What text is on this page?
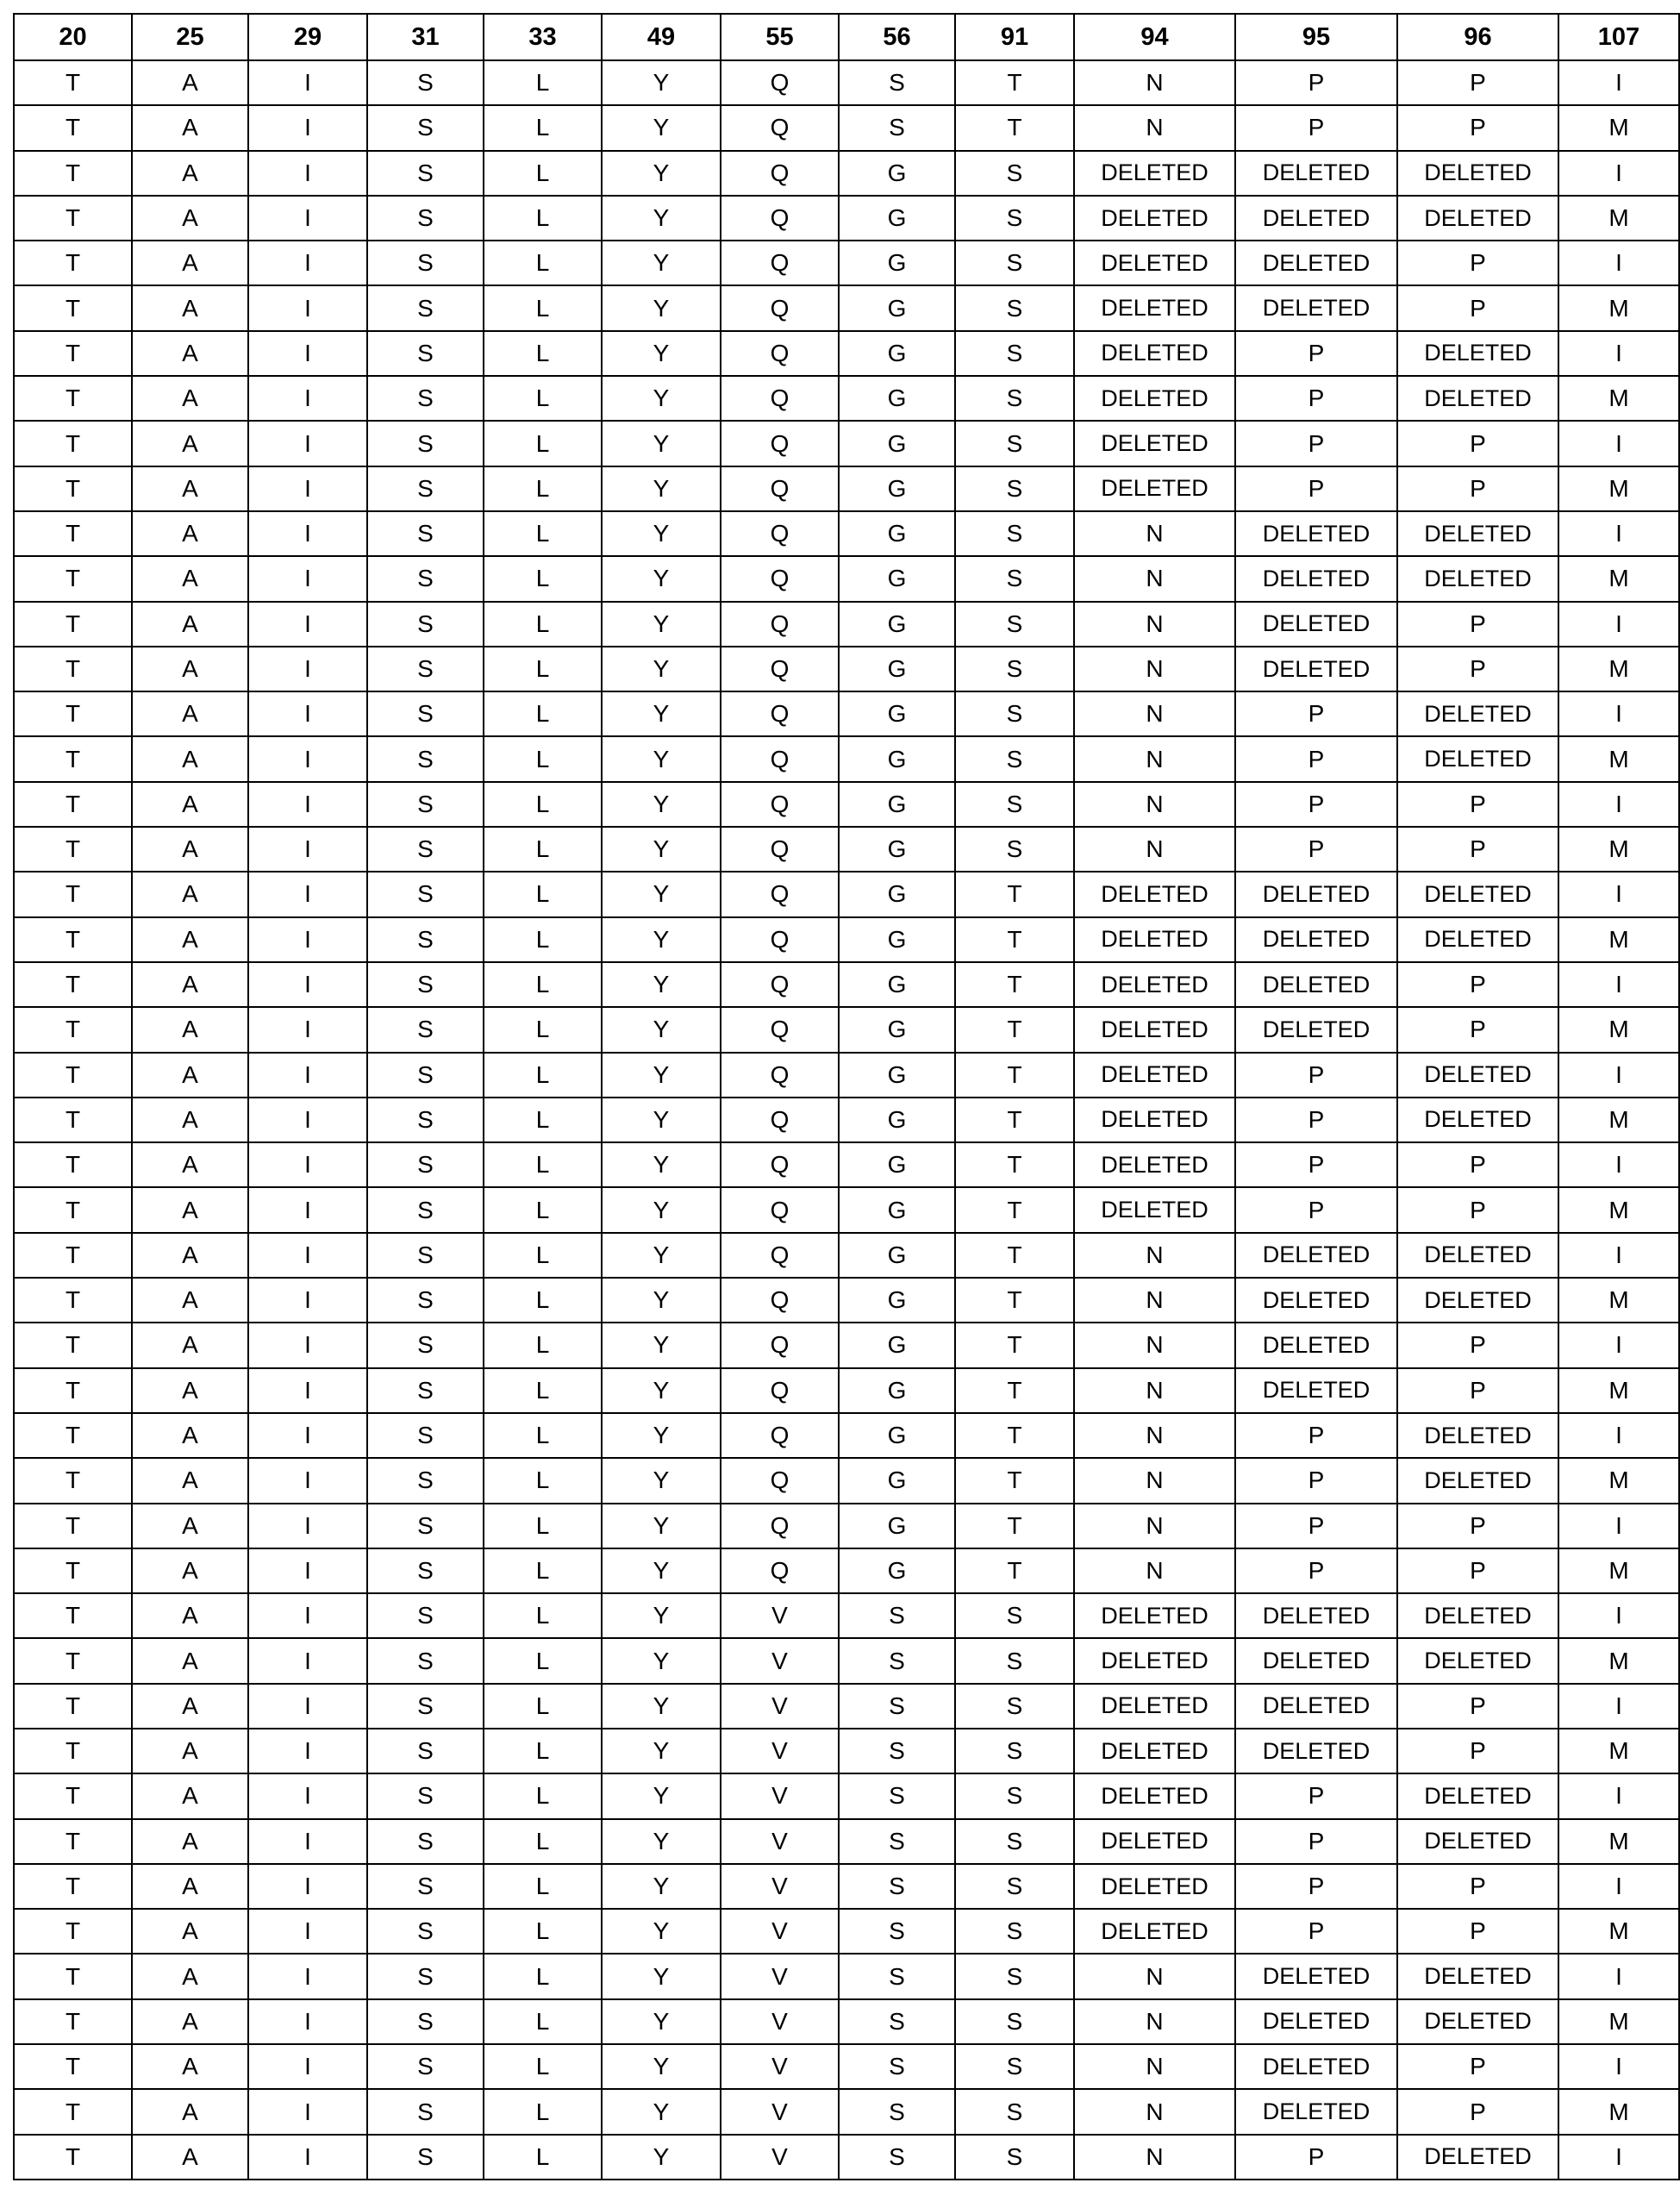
20	25	29	31	33	49	55	56	91	94	95	96	107
T	A	I	S	L	Y	Q	S	T	N	P	P	I
T	A	I	S	L	Y	Q	S	T	N	P	P	M
T	A	I	S	L	Y	Q	G	S	DELETED	DELETED	DELETED	I
T	A	I	S	L	Y	Q	G	S	DELETED	DELETED	DELETED	M
T	A	I	S	L	Y	Q	G	S	DELETED	DELETED	P	I
T	A	I	S	L	Y	Q	G	S	DELETED	DELETED	P	M
T	A	I	S	L	Y	Q	G	S	DELETED	P	DELETED	I
T	A	I	S	L	Y	Q	G	S	DELETED	P	DELETED	M
T	A	I	S	L	Y	Q	G	S	DELETED	P	P	I
T	A	I	S	L	Y	Q	G	S	DELETED	P	P	M
T	A	I	S	L	Y	Q	G	S	N	DELETED	DELETED	I
T	A	I	S	L	Y	Q	G	S	N	DELETED	DELETED	M
T	A	I	S	L	Y	Q	G	S	N	DELETED	P	I
T	A	I	S	L	Y	Q	G	S	N	DELETED	P	M
T	A	I	S	L	Y	Q	G	S	N	P	DELETED	I
T	A	I	S	L	Y	Q	G	S	N	P	DELETED	M
T	A	I	S	L	Y	Q	G	S	N	P	P	I
T	A	I	S	L	Y	Q	G	S	N	P	P	M
T	A	I	S	L	Y	Q	G	T	DELETED	DELETED	DELETED	I
T	A	I	S	L	Y	Q	G	T	DELETED	DELETED	DELETED	M
T	A	I	S	L	Y	Q	G	T	DELETED	DELETED	P	I
T	A	I	S	L	Y	Q	G	T	DELETED	DELETED	P	M
T	A	I	S	L	Y	Q	G	T	DELETED	P	DELETED	I
T	A	I	S	L	Y	Q	G	T	DELETED	P	DELETED	M
T	A	I	S	L	Y	Q	G	T	DELETED	P	P	I
T	A	I	S	L	Y	Q	G	T	DELETED	P	P	M
T	A	I	S	L	Y	Q	G	T	N	DELETED	DELETED	I
T	A	I	S	L	Y	Q	G	T	N	DELETED	DELETED	M
T	A	I	S	L	Y	Q	G	T	N	DELETED	P	I
T	A	I	S	L	Y	Q	G	T	N	DELETED	P	M
T	A	I	S	L	Y	Q	G	T	N	P	DELETED	I
T	A	I	S	L	Y	Q	G	T	N	P	DELETED	M
T	A	I	S	L	Y	Q	G	T	N	P	P	I
T	A	I	S	L	Y	Q	G	T	N	P	P	M
T	A	I	S	L	Y	V	S	S	DELETED	DELETED	DELETED	I
T	A	I	S	L	Y	V	S	S	DELETED	DELETED	DELETED	M
T	A	I	S	L	Y	V	S	S	DELETED	DELETED	P	I
T	A	I	S	L	Y	V	S	S	DELETED	DELETED	P	M
T	A	I	S	L	Y	V	S	S	DELETED	P	DELETED	I
T	A	I	S	L	Y	V	S	S	DELETED	P	DELETED	M
T	A	I	S	L	Y	V	S	S	DELETED	P	P	I
T	A	I	S	L	Y	V	S	S	DELETED	P	P	M
T	A	I	S	L	Y	V	S	S	N	DELETED	DELETED	I
T	A	I	S	L	Y	V	S	S	N	DELETED	DELETED	M
T	A	I	S	L	Y	V	S	S	N	DELETED	P	I
T	A	I	S	L	Y	V	S	S	N	DELETED	P	M
T	A	I	S	L	Y	V	S	S	N	P	DELETED	I
